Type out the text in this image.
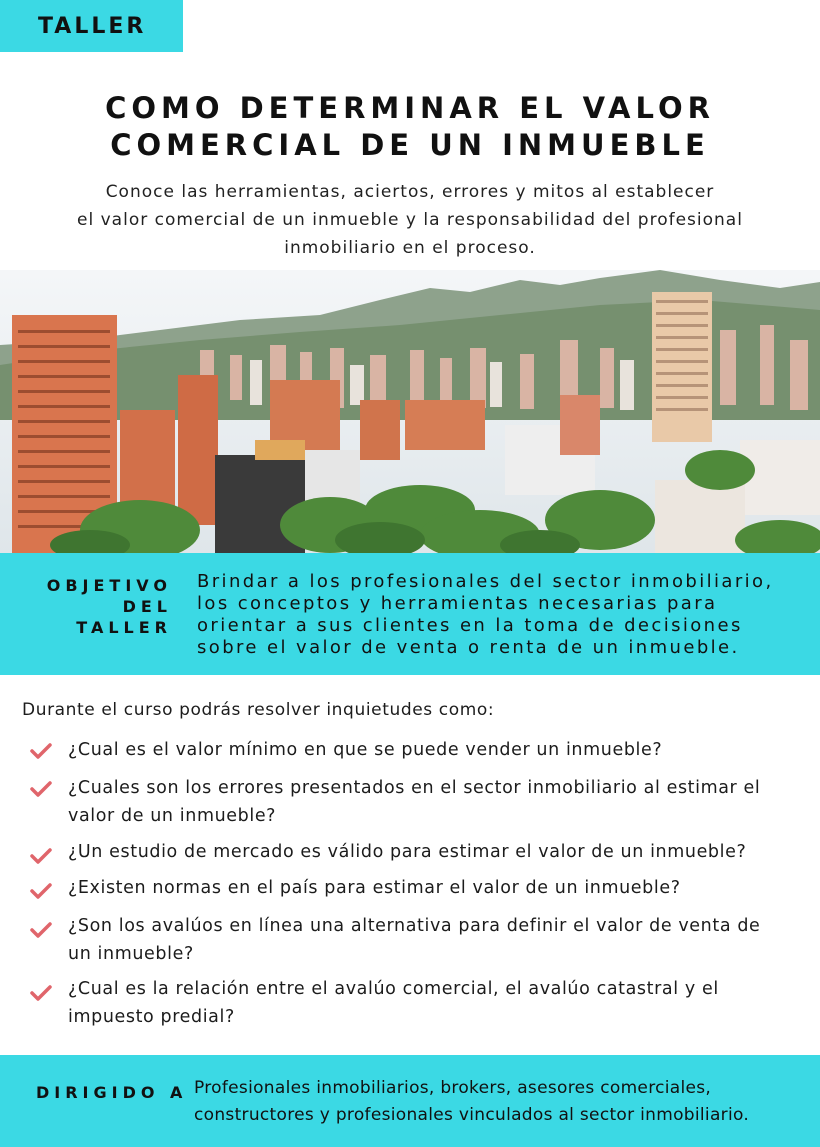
TALLER
COMO DETERMINAR EL VALOR
COMERCIAL DE UN INMUEBLE
Conoce las herramientas, aciertos, errores y mitos al establecer
el valor comercial de un inmueble y la responsabilidad del profesional
inmobiliario en el proceso.
OBJETIVO
DEL TALLER
Brindar a los profesionales del sector inmobiliario,
los conceptos y herramientas necesarias para
orientar a sus clientes en la toma de decisiones
sobre el valor de venta o renta de un inmueble.
Durante el curso podrás resolver inquietudes como:
¿Cual es el valor mínimo en que se puede vender un inmueble?
¿Cuales son los errores presentados en el sector inmobiliario al estimar el
valor de un inmueble?
¿Un estudio de mercado es válido para estimar el valor de un inmueble?
¿Existen normas en el país para estimar el valor de un inmueble?
¿Son los avalúos en línea una alternativa para definir el valor de venta de
un inmueble?
¿Cual es la relación entre el avalúo comercial, el avalúo catastral y el
impuesto predial?
DIRIGIDO A Profesionales inmobiliarios, brokers, asesores comerciales,
constructores y profesionales vinculados al sector inmobiliario.
